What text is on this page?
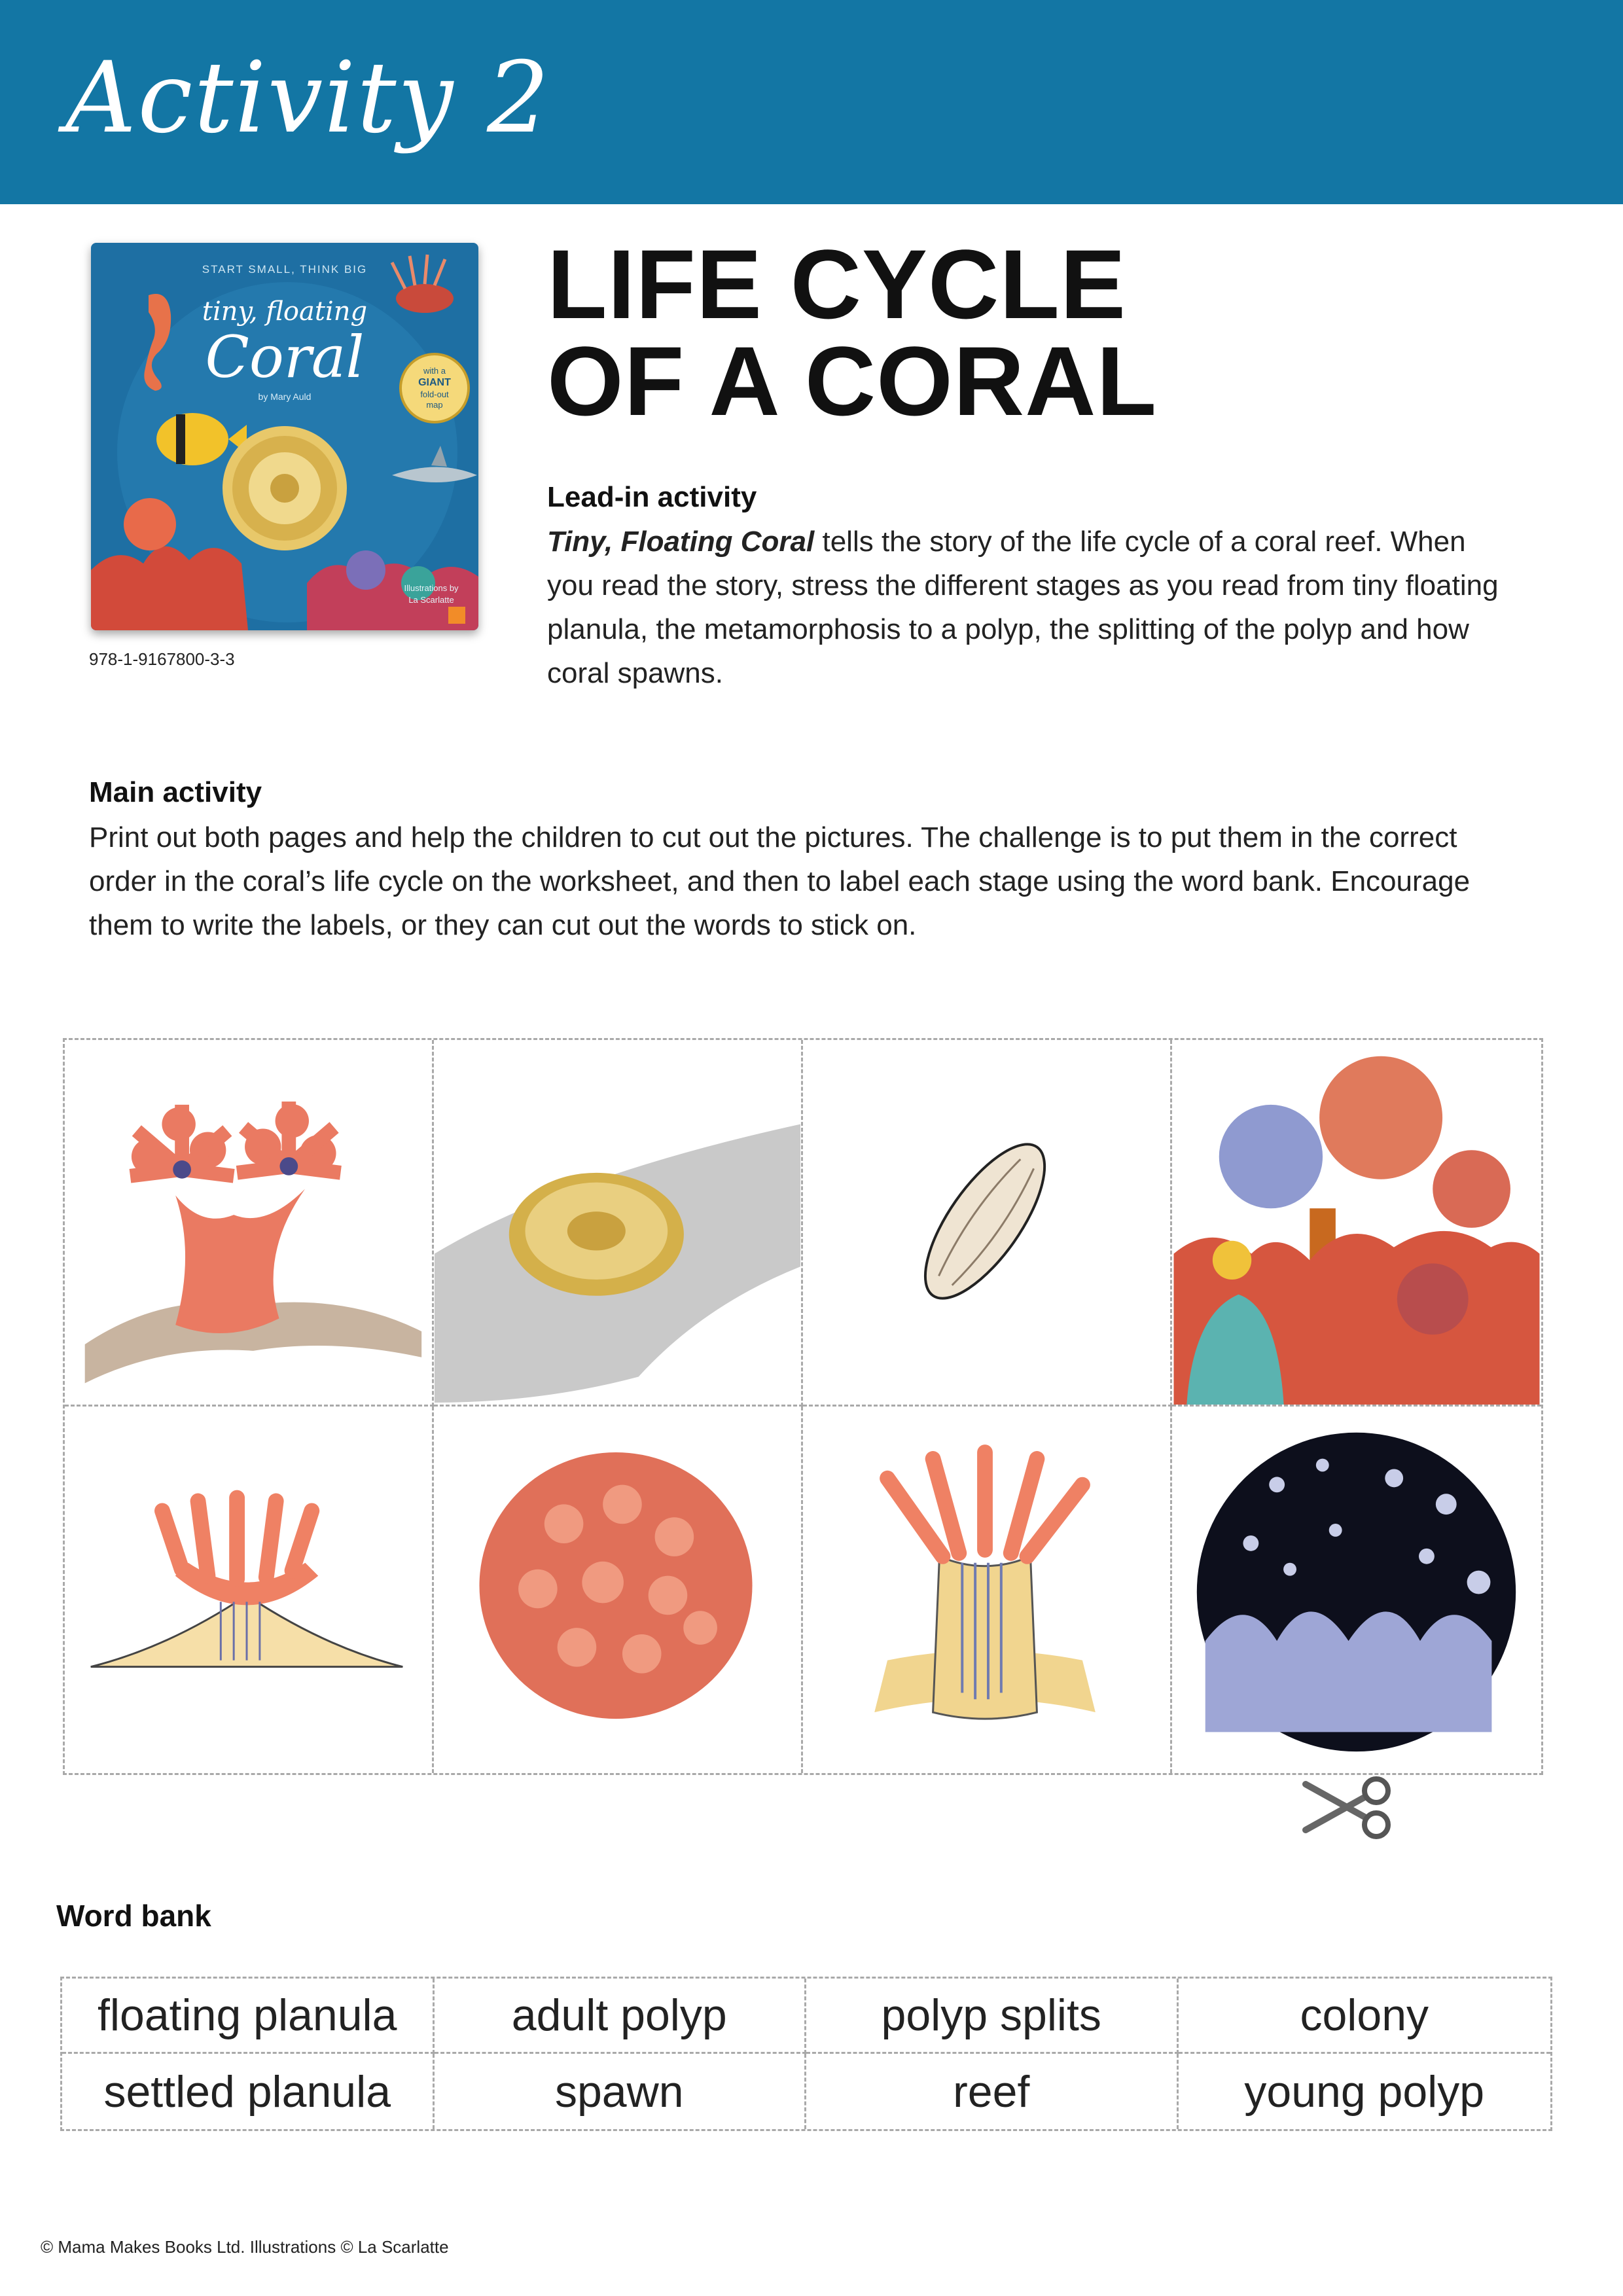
Activity 2
START SMALL, THINK BIG
tiny, floating
Coral
by Mary Auld
with a
GIANT
fold-out
map
Illustrations by
La Scarlatte
978-1-9167800-3-3
LIFE CYCLE
OF A CORAL
Lead-in activity
Tiny, Floating Coral tells the story of the life cycle of a coral reef. When you read the story, stress the different stages as you read from tiny floating planula, the metamorphosis to a polyp, the splitting of the polyp and how coral spawns.
Main activity
Print out both pages and help the children to cut out the pictures. The challenge is to put them in the correct order in the coral’s life cycle on the worksheet, and then to label each stage using the word bank. Encourage them to write the labels, or they can cut out the words to stick on.
Word bank
floating planula	adult polyp	polyp splits	colony
settled planula	spawn	reef	young polyp
© Mama Makes Books Ltd. Illustrations © La Scarlatte
